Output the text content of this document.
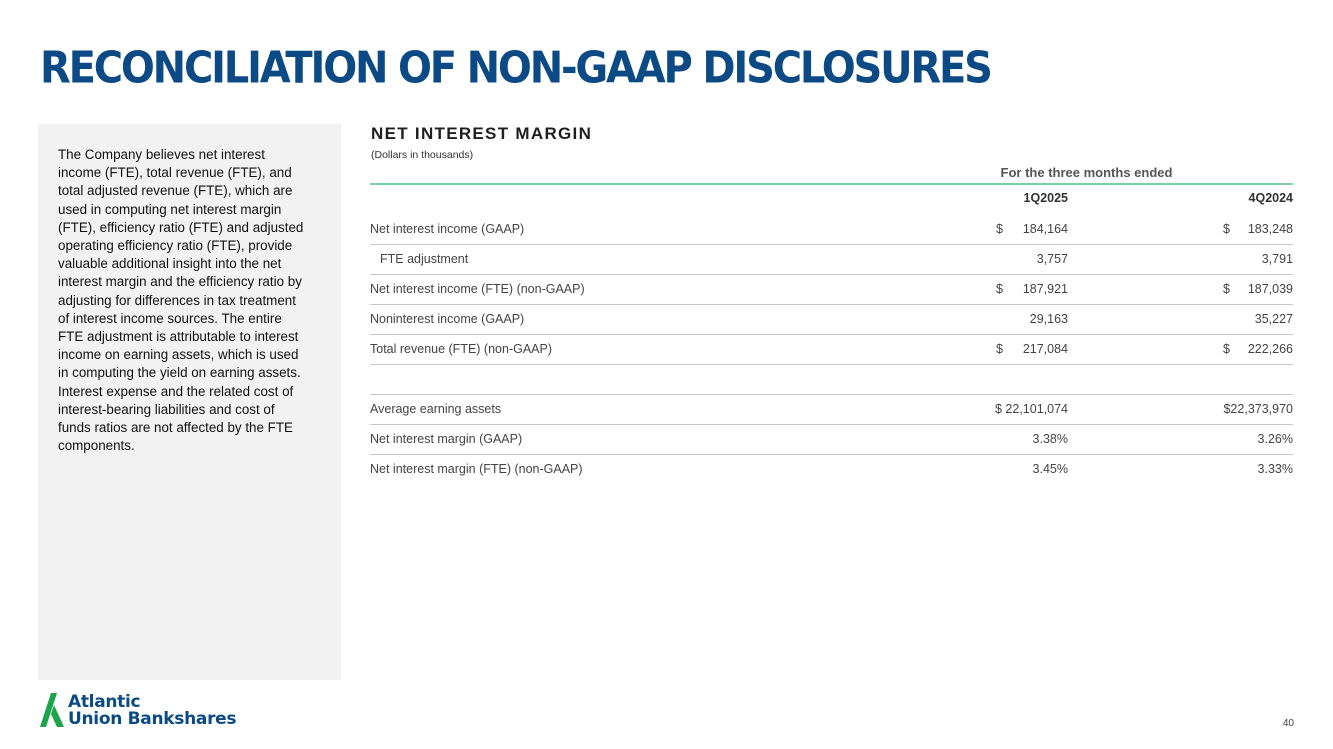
RECONCILIATION OF NON-GAAP DISCLOSURES

The Company believes net interest income (FTE), total revenue (FTE), and total adjusted revenue (FTE), which are used in computing net interest margin (FTE), efficiency ratio (FTE) and adjusted operating efficiency ratio (FTE), provide valuable additional insight into the net interest margin and the efficiency ratio by adjusting for differences in tax treatment of interest income sources. The entire FTE adjustment is attributable to interest income on earning assets, which is used in computing the yield on earning assets. Interest expense and the related cost of interest-bearing liabilities and cost of funds ratios are not affected by the FTE components.

NET INTEREST MARGIN
(Dollars in thousands)
For the three months ended
1Q2025	4Q2024
Net interest income (GAAP)	$	184,164	$	183,248
FTE adjustment	3,757	3,791
Net interest income (FTE) (non-GAAP)	$	187,921	$	187,039
Noninterest income (GAAP)	29,163	35,227
Total revenue (FTE) (non-GAAP)	$	217,084	$	222,266
Average earning assets	$ 22,101,074	$22,373,970
Net interest margin (GAAP)	3.38%	3.26%
Net interest margin (FTE) (non-GAAP)	3.45%	3.33%
Atlantic
Union Bankshares	40
